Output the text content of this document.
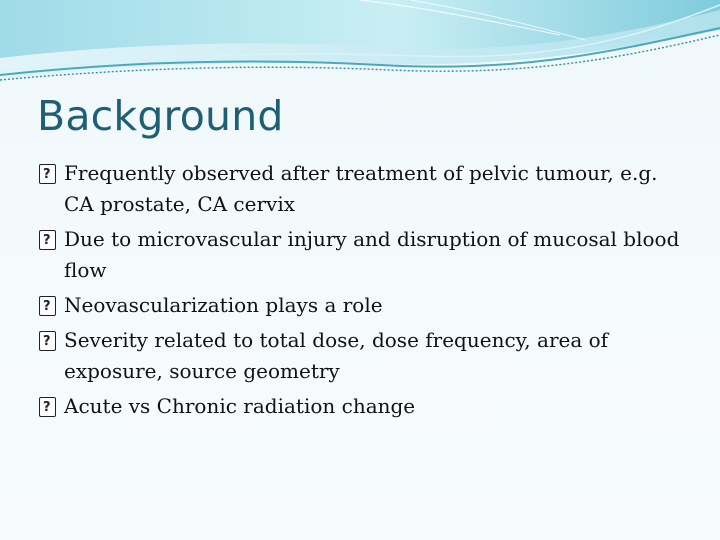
Background
?
Frequently observed after treatment of pelvic tumour, e.g. CA prostate, CA cervix
?
Due to microvascular injury and disruption of mucosal blood flow
?
Neovascularization plays a role
?
Severity related to total dose, dose frequency, area of exposure, source geometry
?
Acute vs Chronic radiation change
